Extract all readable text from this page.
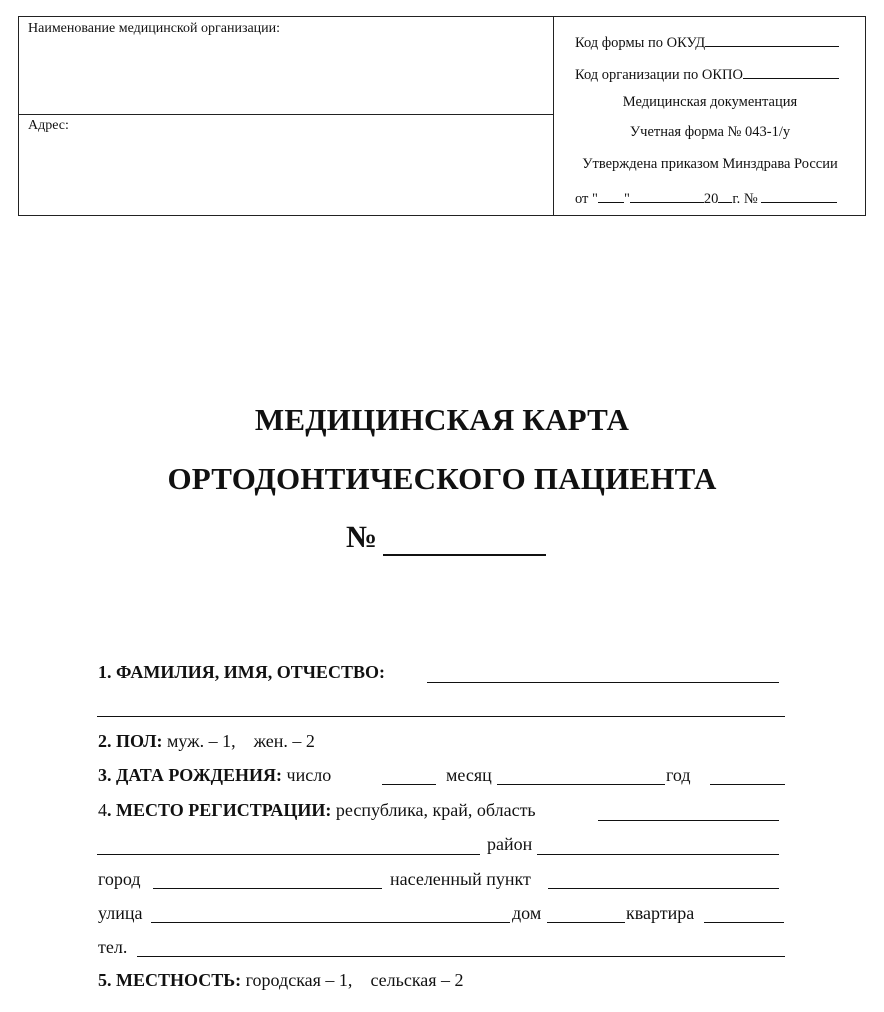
Наименование медицинской организации:
Адрес:
Код формы по ОКУД
Код организации по ОКПО
Медицинская документация
Учетная форма № 043-1/у
Утверждена приказом Минздрава России
от " "	20 г. №
МЕДИЦИНСКАЯ КАРТА
ОРТОДОНТИЧЕСКОГО ПАЦИЕНТА
№
1. ФАМИЛИЯ, ИМЯ, ОТЧЕСТВО:
2. ПОЛ: муж. – 1, жен. – 2
3. ДАТА РОЖДЕНИЯ: число	месяц	год
4. МЕСТО РЕГИСТРАЦИИ: республика, край, область
район
город	населенный пункт
улица	дом	квартира
тел.
5. МЕСТНОСТЬ: городская – 1, сельская – 2
